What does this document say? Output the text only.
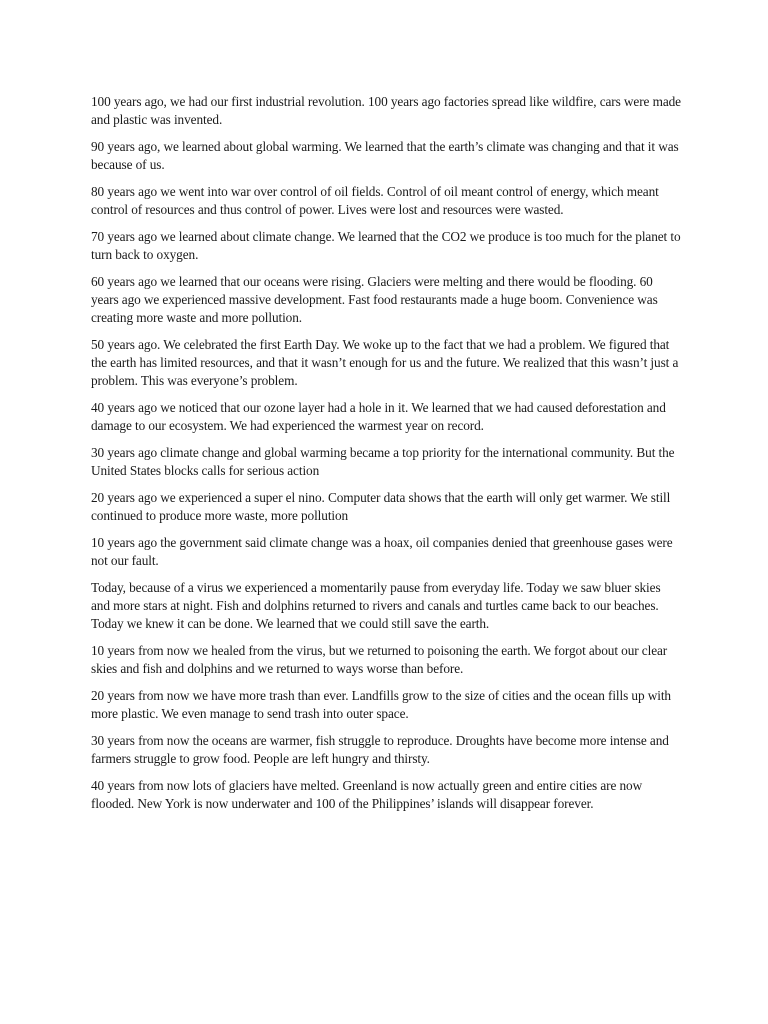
100 years ago, we had our first industrial revolution. 100 years ago factories spread like wildfire, cars were made and plastic was invented.

90 years ago, we learned about global warming. We learned that the earth’s climate was changing and that it was because of us.

80 years ago we went into war over control of oil fields. Control of oil meant control of energy, which meant control of resources and thus control of power. Lives were lost and resources were wasted.

70 years ago we learned about climate change. We learned that the CO2 we produce is too much for the planet to turn back to oxygen.

60 years ago we learned that our oceans were rising. Glaciers were melting and there would be flooding. 60 years ago we experienced massive development. Fast food restaurants made a huge boom. Convenience was creating more waste and more pollution.

50 years ago. We celebrated the first Earth Day. We woke up to the fact that we had a problem. We figured that the earth has limited resources, and that it wasn’t enough for us and the future. We realized that this wasn’t just a problem. This was everyone’s problem.

40 years ago we noticed that our ozone layer had a hole in it. We learned that we had caused deforestation and damage to our ecosystem. We had experienced the warmest year on record.

30 years ago climate change and global warming became a top priority for the international community. But the United States blocks calls for serious action

20 years ago we experienced a super el nino. Computer data shows that the earth will only get warmer. We still continued to produce more waste, more pollution

10 years ago the government said climate change was a hoax, oil companies denied that greenhouse gases were not our fault.

Today, because of a virus we experienced a momentarily pause from everyday life. Today we saw bluer skies and more stars at night. Fish and dolphins returned to rivers and canals and turtles came back to our beaches. Today we knew it can be done. We learned that we could still save the earth.

10 years from now we healed from the virus, but we returned to poisoning the earth. We forgot about our clear skies and fish and dolphins and we returned to ways worse than before.

20 years from now we have more trash than ever. Landfills grow to the size of cities and the ocean fills up with more plastic. We even manage to send trash into outer space.

30 years from now the oceans are warmer, fish struggle to reproduce. Droughts have become more intense and farmers struggle to grow food. People are left hungry and thirsty.

40 years from now lots of glaciers have melted. Greenland is now actually green and entire cities are now flooded. New York is now underwater and 100 of the Philippines’ islands will disappear forever.
